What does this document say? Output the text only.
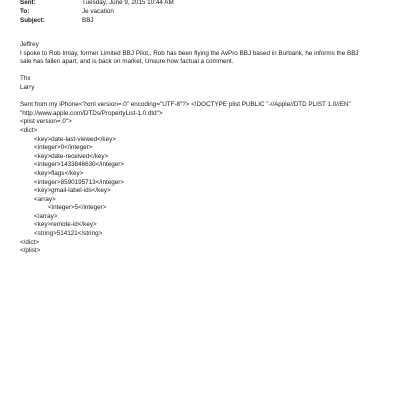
Sent:	Tuesday, June 9, 2015 10:44 AM
To:	Je vacation
Subject:	BBJ
Jeffrey
I spoke to Rob Imlay, former Limited BBJ Pilot,, Rob has been flying the AvPro BBJ based in Burbank, he informs the BBJ
sale has fallen apart, and is back on market, Unsure how factual a comment.
Thx
Larry
Sent from my iPhone<?xml version=.0" encoding="UTF-8"?> <!DOCTYPE plist PUBLIC "-//Apple//DTD PLIST 1.0//EN"
"http://www.apple.com/DTDs/PropertyList-1.0.dtd">
<plist version=.0">
<dict>
<key>date-last-viewed</key>
<integer>0</integer>
<key>date-received</key>
<integer>1433846630</integer>
<key>flags</key>
<integer>8590195713</integer>
<key>gmail-label-ids</key>
<array>
<integer>5</integer>
</array>
<key>remote-id</key>
<string>514121</string>
</dict>
</plist>
